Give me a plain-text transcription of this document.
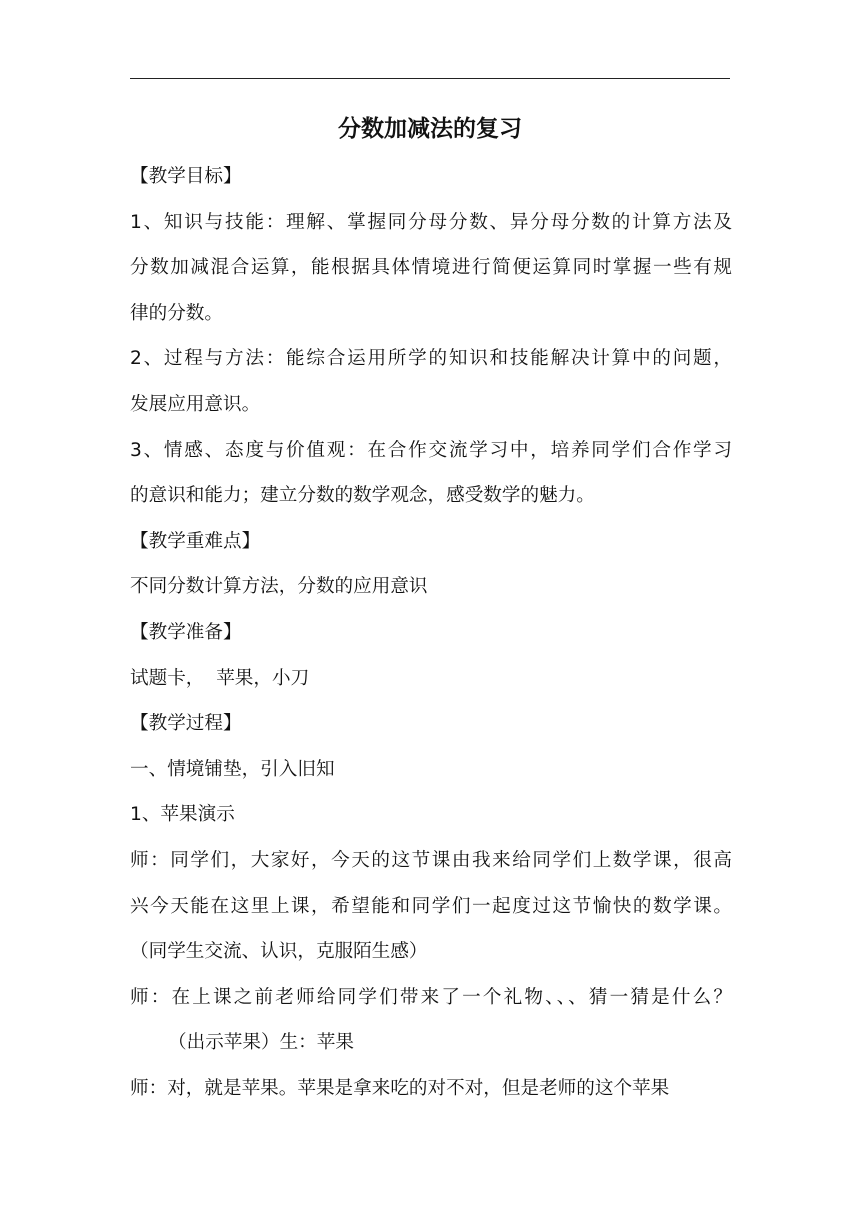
分数加减法的复习
【教学目标】
1、知识与技能：理解、掌握同分母分数、异分母分数的计算方法及
分数加减混合运算，能根据具体情境进行简便运算同时掌握一些有规
律的分数。
2、过程与方法：能综合运用所学的知识和技能解决计算中的问题，
发展应用意识。
3、情感、态度与价值观：在合作交流学习中，培养同学们合作学习
的意识和能力；建立分数的数学观念，感受数学的魅力。
【教学重难点】
不同分数计算方法，分数的应用意识
【教学准备】
试题卡，  苹果，小刀
【教学过程】
一、情境铺垫，引入旧知
1、苹果演示
师：同学们，大家好，今天的这节课由我来给同学们上数学课，很高
兴今天能在这里上课，希望能和同学们一起度过这节愉快的数学课。
（同学生交流、认识，克服陌生感）
师：在上课之前老师给同学们带来了一个礼物、、、猜一猜是什么？
（出示苹果）生：苹果
师：对，就是苹果。苹果是拿来吃的对不对，但是老师的这个苹果
